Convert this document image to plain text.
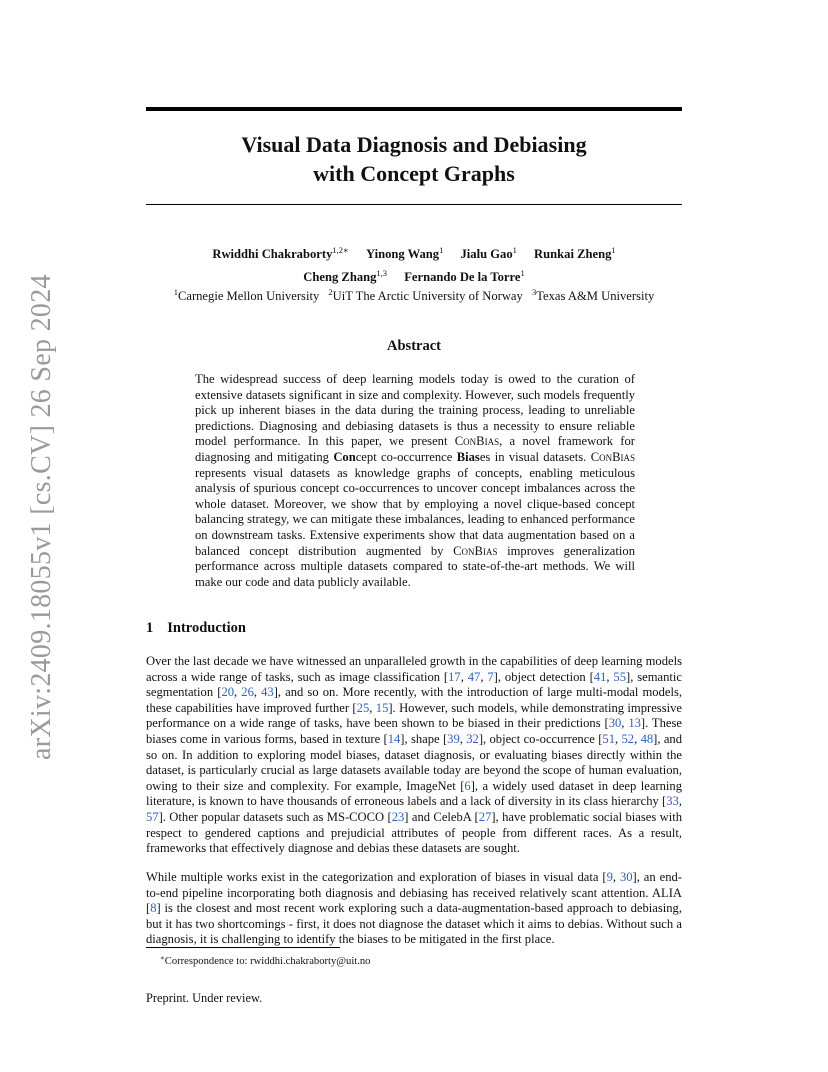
arXiv:2409.18055v1 [cs.CV] 26 Sep 2024
Visual Data Diagnosis and Debiasing
with Concept Graphs
Rwiddhi Chakraborty$^{1,2∗}$ Yinong Wang$^1$ Jialu Gao$^1$ Runkai Zheng$^1$
Cheng Zhang$^{1,3}$ Fernando De la Torre$^1$
$^1$Carnegie Mellon University $^2$UiT The Arctic University of Norway $^3$Texas A&M University
Abstract
The widespread success of deep learning models today is owed to the curation of extensive datasets significant in size and complexity. However, such models frequently pick up inherent biases in the data during the training process, leading to unreliable predictions. Diagnosing and debiasing datasets is thus a necessity to ensure reliable model performance. In this paper, we present ConBias, a novel framework for diagnosing and mitigating Concept co-occurrence Biases in visual datasets. ConBias represents visual datasets as knowledge graphs of concepts, enabling meticulous analysis of spurious concept co-occurrences to uncover concept imbalances across the whole dataset. Moreover, we show that by employing a novel clique-based concept balancing strategy, we can mitigate these imbalances, leading to enhanced performance on downstream tasks. Extensive experiments show that data augmentation based on a balanced concept distribution augmented by ConBias improves generalization performance across multiple datasets compared to state-of-the-art methods. We will make our code and data publicly available.
1 Introduction
Over the last decade we have witnessed an unparalleled growth in the capabilities of deep learning models across a wide range of tasks, such as image classification [17, 47, 7], object detection [41, 55], semantic segmentation [20, 26, 43], and so on. More recently, with the introduction of large multi-modal models, these capabilities have improved further [25, 15]. However, such models, while demonstrating impressive performance on a wide range of tasks, have been shown to be biased in their predictions [30, 13]. These biases come in various forms, based in texture [14], shape [39, 32], object co-occurrence [51, 52, 48], and so on. In addition to exploring model biases, dataset diagnosis, or evaluating biases directly within the dataset, is particularly crucial as large datasets available today are beyond the scope of human evaluation, owing to their size and complexity. For example, ImageNet [6], a widely used dataset in deep learning literature, is known to have thousands of erroneous labels and a lack of diversity in its class hierarchy [33, 57]. Other popular datasets such as MS-COCO [23] and CelebA [27], have problematic social biases with respect to gendered captions and prejudicial attributes of people from different races. As a result, frameworks that effectively diagnose and debias these datasets are sought.
While multiple works exist in the categorization and exploration of biases in visual data [9, 30], an end-to-end pipeline incorporating both diagnosis and debiasing has received relatively scant attention. ALIA [8] is the closest and most recent work exploring such a data-augmentation-based approach to debiasing, but it has two shortcomings - first, it does not diagnose the dataset which it aims to debias. Without such a diagnosis, it is challenging to identify the biases to be mitigated in the first place.
∗Correspondence to: rwiddhi.chakraborty@uit.no
Preprint. Under review.
